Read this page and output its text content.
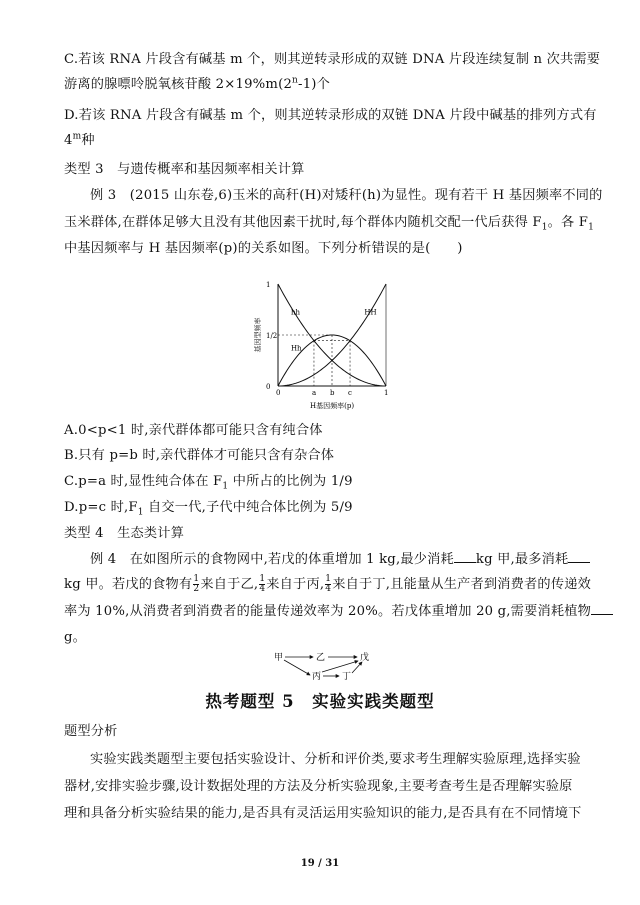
C.若该 RNA 片段含有碱基 m 个，则其逆转录形成的双链 DNA 片段连续复制 n 次共需要
游离的腺嘌呤脱氧核苷酸 $2\times 19\%m(2^n-1)$个
D.若该 RNA 片段含有碱基 m 个，则其逆转录形成的双链 DNA 片段中碱基的排列方式有
4$^m$种
类型 3　与遗传概率和基因频率相关计算
例 3　(2015 山东卷,6)玉米的高秆(H)对矮秆(h)为显性。现有若干 H 基因频率不同的
玉米群体,在群体足够大且没有其他因素干扰时,每个群体内随机交配一代后获得 $F_1$。各 $F_1$
中基因频率与 H 基因频率(p)的关系如图。下列分析错误的是(　　)
hh
Hh
HH
0	a b c	1
0
1/2
1
H基因频率(p)
基因型频率
A.0<p<1 时,亲代群体都可能只含有纯合体
B.只有 p=b 时,亲代群体才可能只含有杂合体
C.p=a 时,显性纯合体在 $F_1$ 中所占的比例为 1/9
D.p=c 时$,F_1$ 自交一代,子代中纯合体比例为 5/9
类型 4　生态类计算
例 4　在如图所示的食物网中,若戊的体重增加 1 kg,最少消耗 kg 甲,最多消耗
kg 甲。若戊的食物有 $\frac{1}{2}$ 来自于乙, $\frac{1}{4}$ 来自于丙, $\frac{1}{4}$ 来自于丁,且能量从生产者到消费者的传递效
率为 10%,从消费者到消费者的能量传递效率为 20%。若戊体重增加 20 g,需要消耗植物
g。
甲	乙	戊
丙 丁
热考题型 5　实验实践类题型
题型分析
实验实践类题型主要包括实验设计、分析和评价类,要求考生理解实验原理,选择实验
器材,安排实验步骤,设计数据处理的方法及分析实验现象,主要考查考生是否理解实验原
理和具备分析实验结果的能力,是否具有灵活运用实验知识的能力,是否具有在不同情境下
19 / 31
